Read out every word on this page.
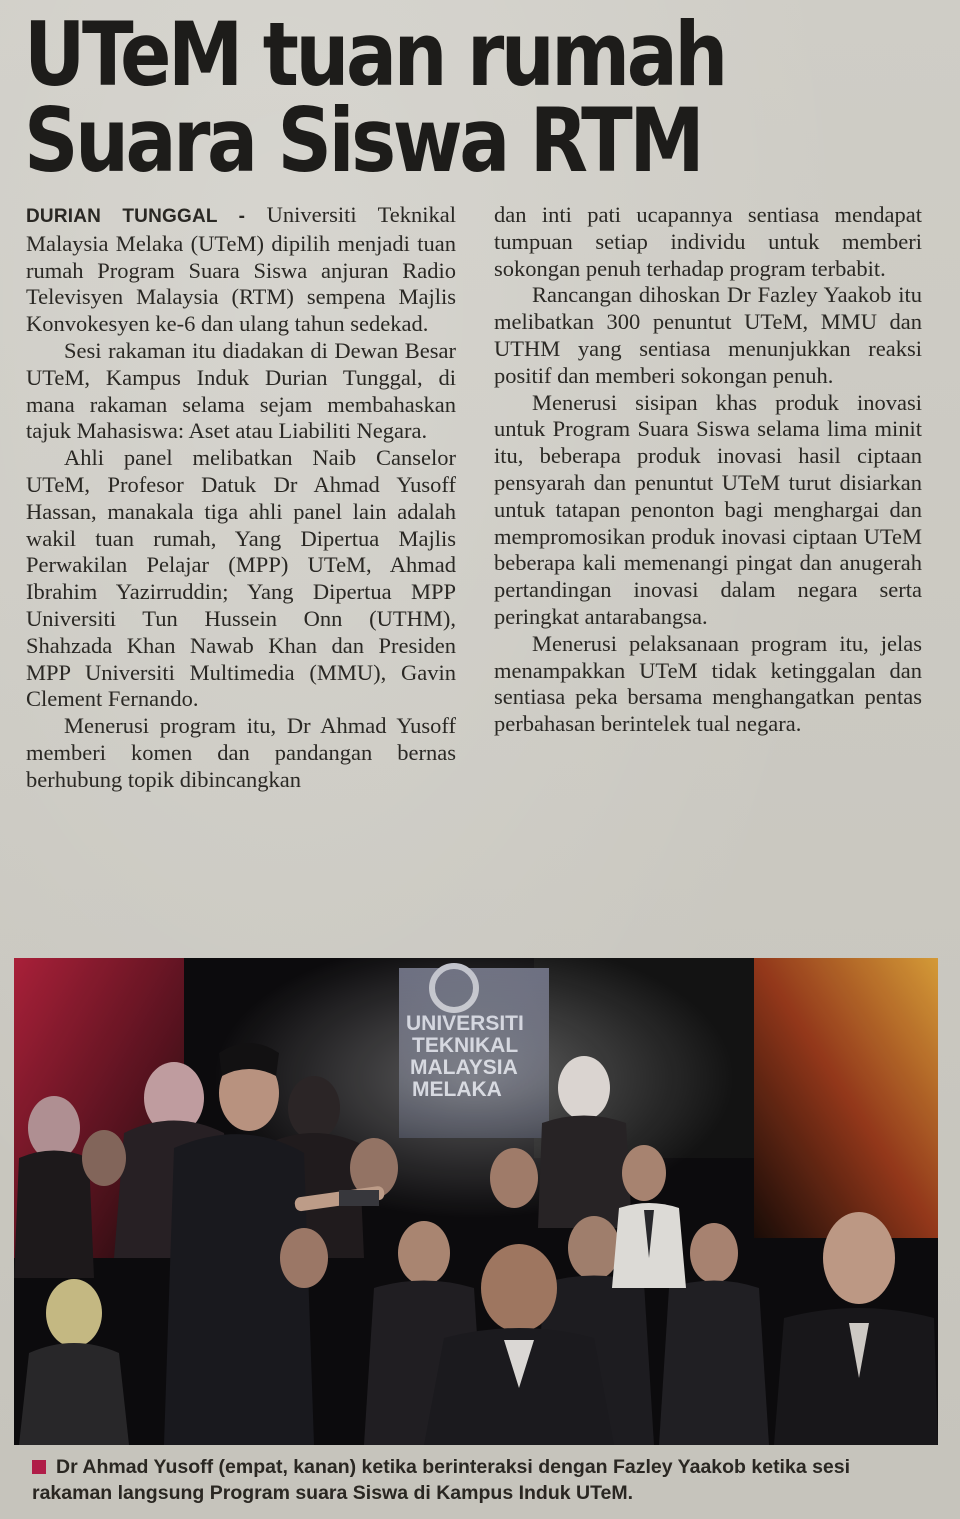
UTeM tuan rumah
Suara Siswa RTM

DURIAN TUNGGAL - Universiti Teknikal Malaysia Melaka (UTeM) dipilih menjadi tuan rumah Program Suara Siswa anjuran Radio Televisyen Malaysia (RTM) sempena Majlis Konvokesyen ke-6 dan ulang tahun sedekad.

Sesi rakaman itu diadakan di Dewan Besar UTeM, Kampus Induk Durian Tunggal, di mana rakaman selama sejam membahaskan tajuk Mahasiswa: Aset atau Liabiliti Negara.

Ahli panel melibatkan Naib Canselor UTeM, Profesor Datuk Dr Ahmad Yusoff Hassan, manakala tiga ahli panel lain adalah wakil tuan rumah, Yang Dipertua Majlis Perwakilan Pelajar (MPP) UTeM, Ahmad Ibrahim Yazirruddin; Yang Dipertua MPP Universiti Tun Hussein Onn (UTHM), Shahzada Khan Nawab Khan dan Presiden MPP Universiti Multimedia (MMU), Gavin Clement Fernando.

Menerusi program itu, Dr Ahmad Yusoff memberi komen dan pandangan bernas berhubung topik dibincangkan

dan inti pati ucapannya sentiasa mendapat tumpuan setiap individu untuk memberi sokongan penuh terhadap program terbabit.

Rancangan dihoskan Dr Fazley Yaakob itu melibatkan 300 penuntut UTeM, MMU dan UTHM yang sentiasa menunjukkan reaksi positif dan memberi sokongan penuh.

Menerusi sisipan khas produk inovasi untuk Program Suara Siswa selama lima minit itu, beberapa produk inovasi hasil ciptaan pensyarah dan penuntut UTeM turut disiarkan untuk tatapan penonton bagi menghargai dan mempromosikan produk inovasi ciptaan UTeM beberapa kali memenangi pingat dan anugerah pertandingan inovasi dalam negara serta peringkat antarabangsa.

Menerusi pelaksanaan program itu, jelas menampakkan UTeM tidak ketinggalan dan sentiasa peka bersama menghangatkan pentas perbahasan berintelek tual negara.

Dr Ahmad Yusoff (empat, kanan) ketika berinteraksi dengan Fazley Yaakob ketika sesi rakaman langsung Program suara Siswa di Kampus Induk UTeM.
